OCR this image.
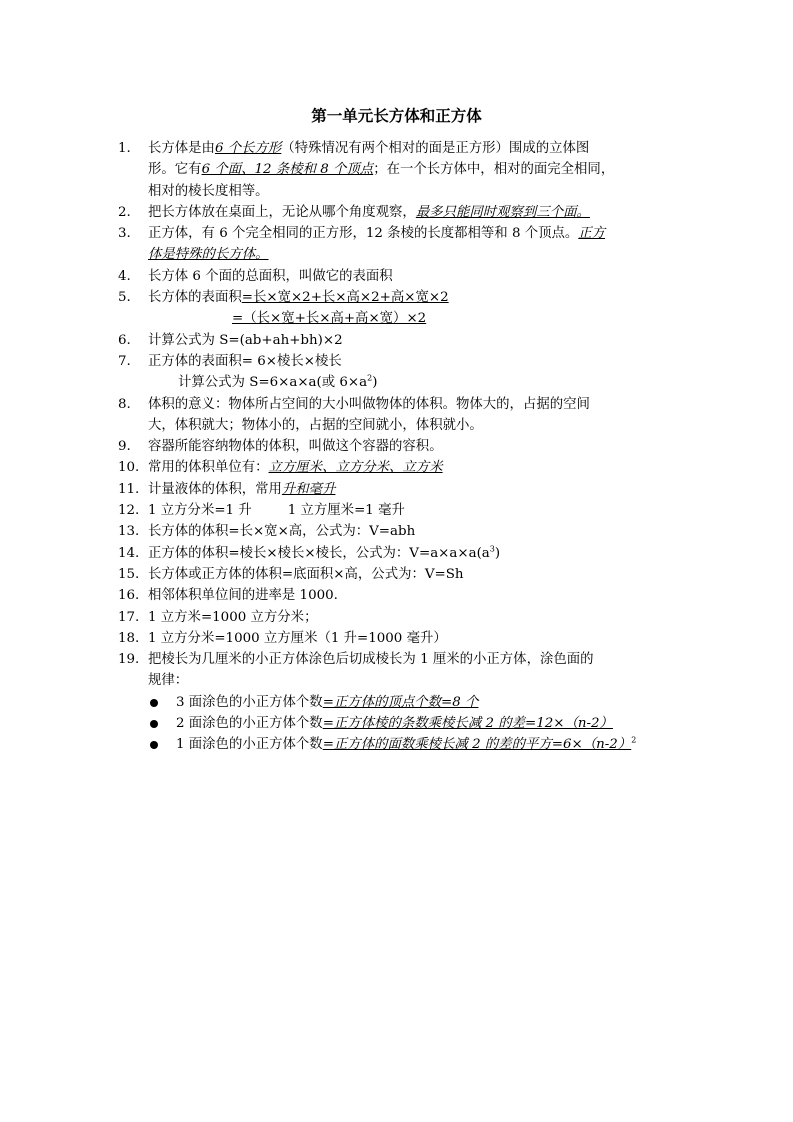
第一单元长方体和正方体
1. 长方体是由6 个长方形（特殊情况有两个相对的面是正方形）围成的立体图
形。它有6 个面、12 条棱和 8 个顶点；在一个长方体中，相对的面完全相同，
相对的棱长度相等。
2. 把长方体放在桌面上，无论从哪个角度观察，最多只能同时观察到三个面。
3. 正方体，有 6 个完全相同的正方形，12 条棱的长度都相等和 8 个顶点。正方
体是特殊的长方体。
4. 长方体 6 个面的总面积，叫做它的表面积
5. 长方体的表面积=长×宽×2+长×高×2+高×宽×2
=（长×宽+长×高+高×宽）×2
6. 计算公式为 S=(ab+ah+bh)×2
7. 正方体的表面积= 6×棱长×棱长
计算公式为 S=6×a×a(或 $6\times a^2$)
8. 体积的意义：物体所占空间的大小叫做物体的体积。物体大的，占据的空间
大，体积就大；物体小的，占据的空间就小，体积就小。
9. 容器所能容纳物体的体积，叫做这个容器的容积。
10. 常用的体积单位有：立方厘米、立方分米、立方米
11. 计量液体的体积，常用升和毫升
12. 1 立方分米=1 升	1 立方厘米=1 毫升
13. 长方体的体积=长×宽×高，公式为：V=abh
14. 正方体的体积=棱长×棱长×棱长，公式为：$V=a\times a\times a(a^3)$
15. 长方体或正方体的体积=底面积×高，公式为：V=Sh
16. 相邻体积单位间的进率是 1000.
17. 1 立方米=1000 立方分米；
18. 1 立方分米=1000 立方厘米（1 升=1000 毫升）
19. 把棱长为几厘米的小正方体涂色后切成棱长为 1 厘米的小正方体，涂色面的
规律：
3 面涂色的小正方体个数=正方体的顶点个数=8 个
2 面涂色的小正方体个数=正方体棱的条数乘棱长减 2 的差=12×（n-2）
1 面涂色的小正方体个数=正方体的面数乘棱长减 2 的差的平方$=6\times(n-2)^2$
